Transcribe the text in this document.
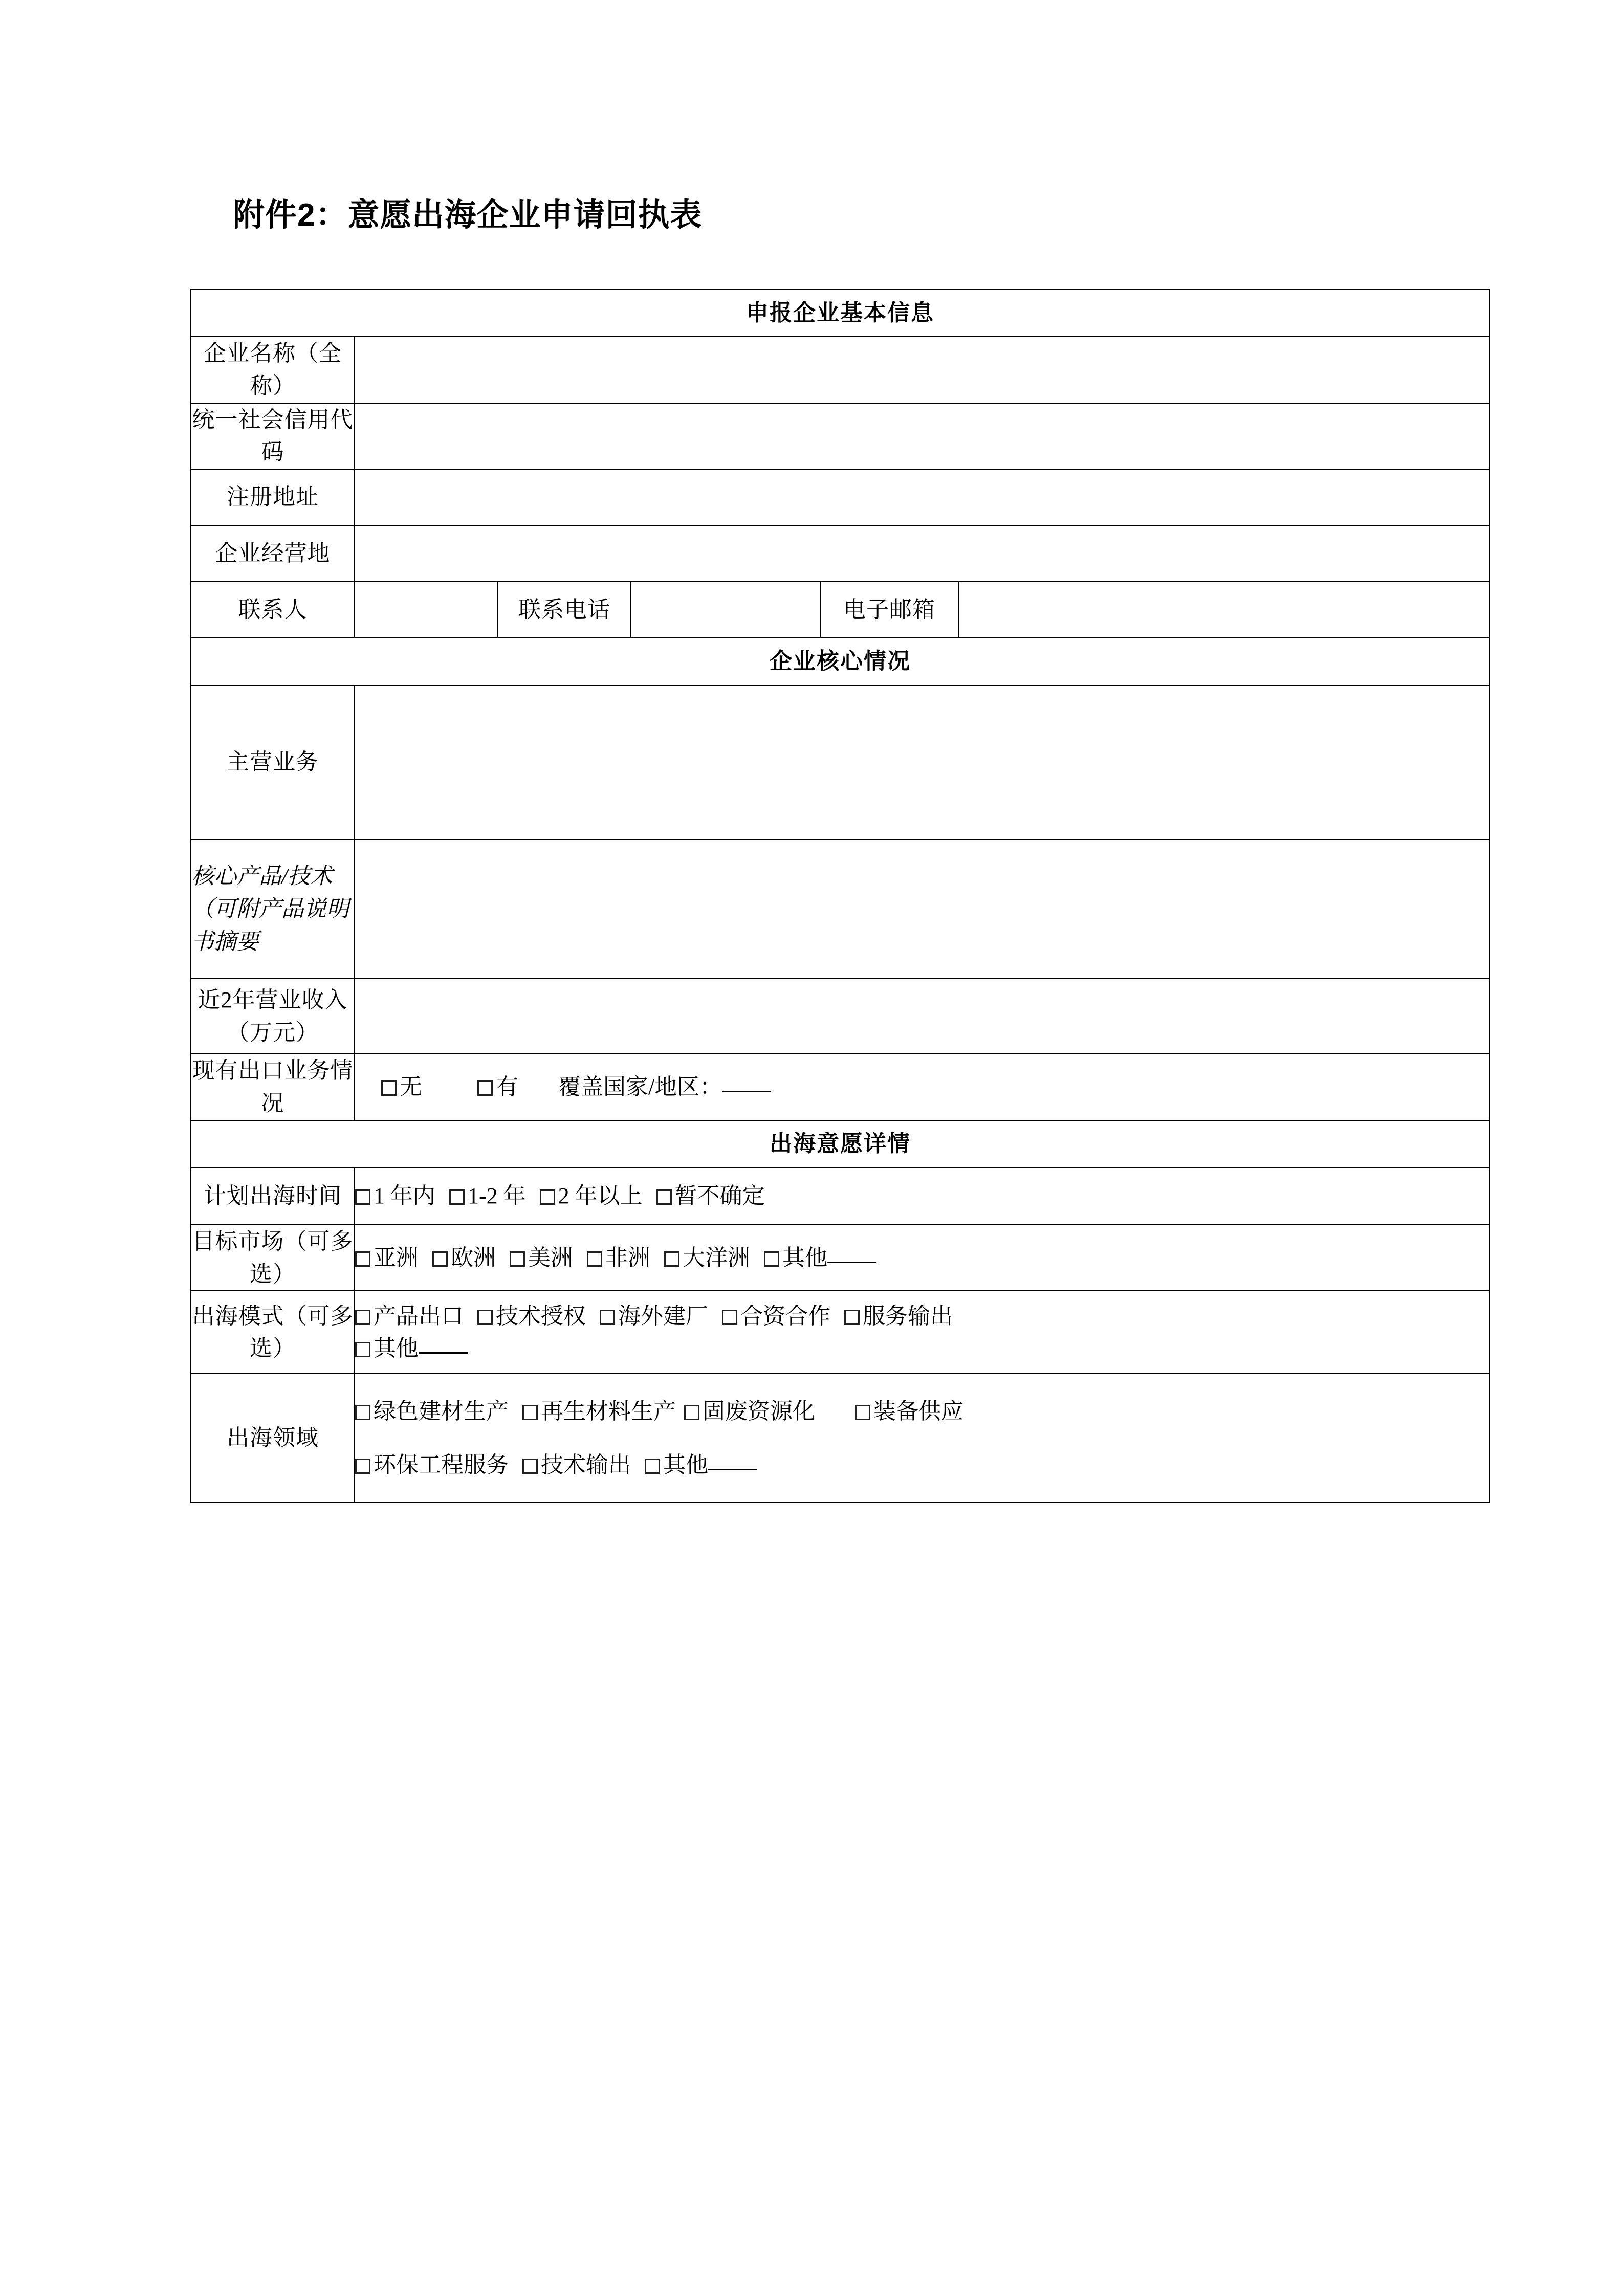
附件2：意愿出海企业申请回执表
申报企业基本信息					
企业名称（全称）					
统一社会信用代码					
注册地址					
企业经营地					
联系人		联系电话		电子邮箱	
企业核心情况					
主营业务					
核心产品/技术（可附产品说明书摘要					

近2年营业收入
（万元）					

现有出口业务情况	无 有 覆盖国家/地区：				
出海意愿详情					
计划出海时间	1 年内 1-2 年 2 年以上 暂不确定				
目标市场（可多选）	亚洲 欧洲 美洲 非洲 大洋洲 其他				
出海模式（可多选）	产品出口 技术授权 海外建厂 合资合作 服务输出
其他				
出海领域	绿色建材生产 再生材料生产 固废资源化 装备供应
环保工程服务 技术输出 其他				
